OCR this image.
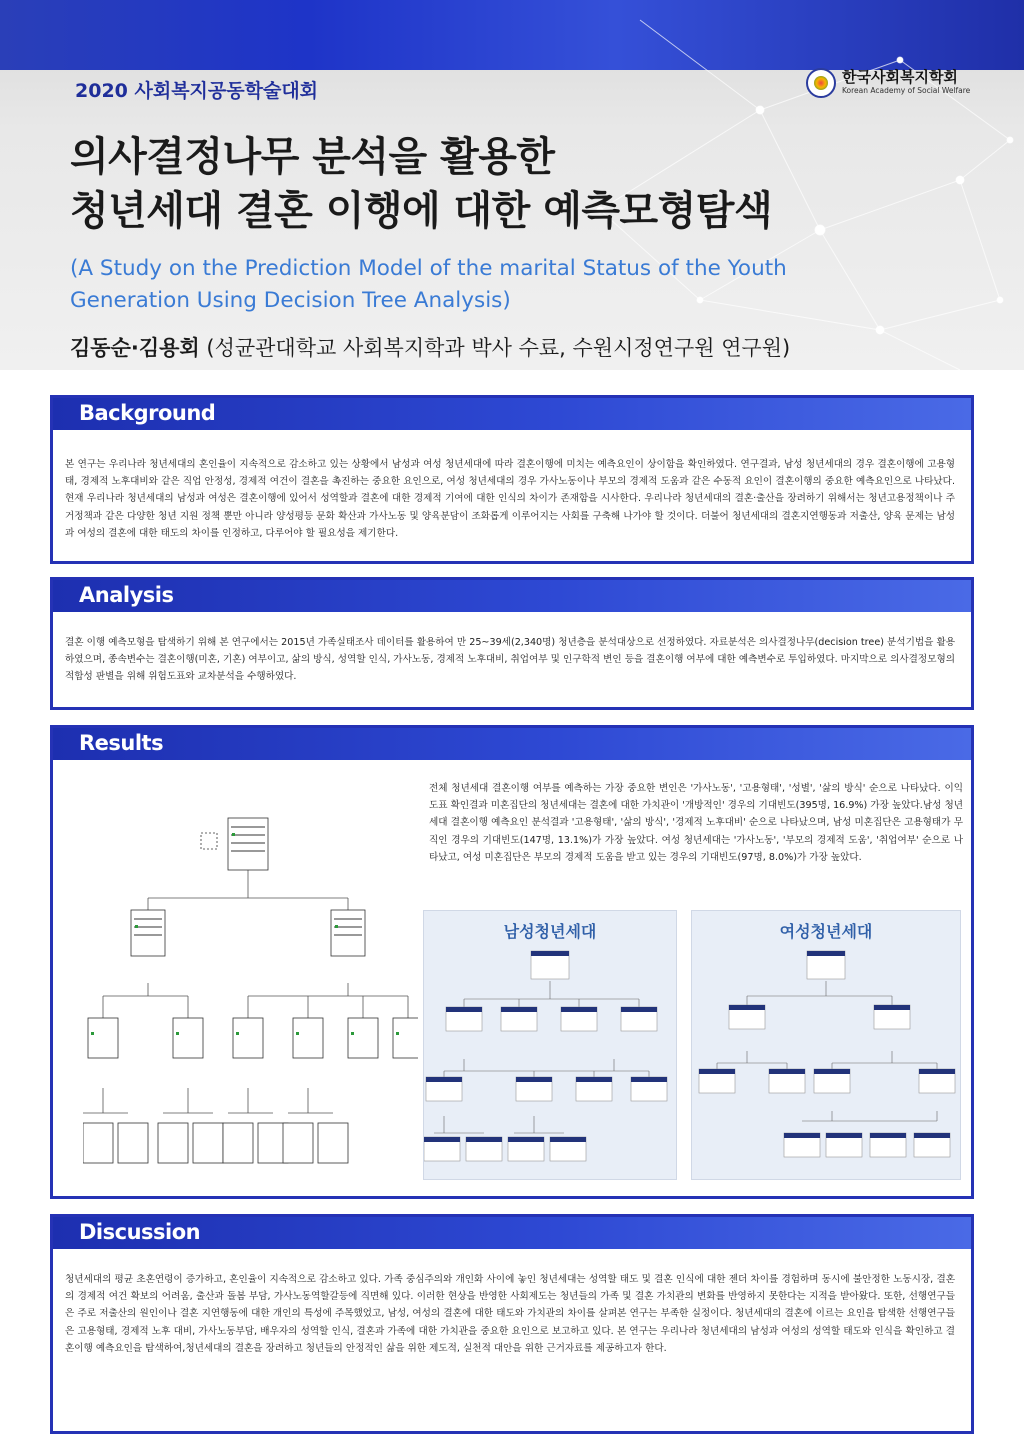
2020 사회복지공동학술대회
한국사회복지학회
Korean Academy of Social Welfare
의사결정나무 분석을 활용한
청년세대 결혼 이행에 대한 예측모형탐색
(A Study on the Prediction Model of the marital Status of the Youth
Generation Using Decision Tree Analysis)
김동순·김용회 (성균관대학교 사회복지학과 박사 수료, 수원시정연구원 연구원)
Background
본 연구는 우리나라 청년세대의 혼인율이 지속적으로 감소하고 있는 상황에서 남성과 여성 청년세대에 따라 결혼이행에 미치는 예측요인이 상이함을 확인하였다. 연구결과, 남성 청년세대의 경우 결혼이행에 고용형태, 경제적 노후대비와 같은 직업 안정성, 경제적 여건이 결혼을 촉진하는 중요한 요인으로, 여성 청년세대의 경우 가사노동이나 부모의 경제적 도움과 같은 수동적 요인이 결혼이행의 중요한 예측요인으로 나타났다. 현재 우리나라 청년세대의 남성과 여성은 결혼이행에 있어서 성역할과 결혼에 대한 경제적 기여에 대한 인식의 차이가 존재함을 시사한다. 우리나라 청년세대의 결혼·출산을 장려하기 위해서는 청년고용정책이나 주거정책과 같은 다양한 청년 지원 정책 뿐만 아니라 양성평등 문화 확산과 가사노동 및 양육분담이 조화롭게 이루어지는 사회를 구축해 나가야 할 것이다. 더불어 청년세대의 결혼지연행동과 저출산, 양육 문제는 남성과 여성의 결혼에 대한 태도의 차이를 인정하고, 다루어야 할 필요성을 제기한다.
Analysis
결혼 이행 예측모형을 탐색하기 위해 본 연구에서는 2015년 가족실태조사 데이터를 활용하여 만 25~39세(2,340명) 청년층을 분석대상으로 선정하였다. 자료분석은 의사결정나무(decision tree) 분석기법을 활용하였으며, 종속변수는 결혼이행(미혼, 기혼) 여부이고, 삶의 방식, 성역할 인식, 가사노동, 경제적 노후대비, 취업여부 및 인구학적 변인 등을 결혼이행 여부에 대한 예측변수로 투입하였다. 마지막으로 의사결정모형의 적합성 판별을 위해 위험도표와 교차분석을 수행하였다.
Results
전체 청년세대 결혼이행 여부를 예측하는 가장 중요한 변인은 '가사노동', '고용형태', '성별', '삶의 방식' 순으로 나타났다. 이익 도표 확인결과 미혼집단의 청년세대는 결혼에 대한 가치관이 '개방적인' 경우의 기대빈도(395명, 16.9%) 가장 높았다.남성 청년세대 결혼이행 예측요인 분석결과 '고용형태', '삶의 방식', '경제적 노후대비' 순으로 나타났으며, 남성 미혼집단은 고용형태가 무직인 경우의 기대빈도(147명, 13.1%)가 가장 높았다. 여성 청년세대는 '가사노동', '부모의 경제적 도움', '취업여부' 순으로 나타났고, 여성 미혼집단은 부모의 경제적 도움을 받고 있는 경우의 기대빈도(97명, 8.0%)가 가장 높았다.
남성청년세대	여성청년세대
Discussion
청년세대의 평균 초혼연령이 증가하고, 혼인율이 지속적으로 감소하고 있다. 가족 중심주의와 개인화 사이에 놓인 청년세대는 성역할 태도 및 결혼 인식에 대한 젠더 차이를 경험하며 동시에 불안정한 노동시장, 결혼의 경제적 여건 확보의 어려움, 출산과 돌봄 부담, 가사노동역할갈등에 직면해 있다. 이러한 현상을 반영한 사회제도는 청년들의 가족 및 결혼 가치관의 변화를 반영하지 못한다는 지적을 받아왔다. 또한, 선행연구들은 주로 저출산의 원인이나 결혼 지연행동에 대한 개인의 특성에 주목했었고, 남성, 여성의 결혼에 대한 태도와 가치관의 차이를 살펴본 연구는 부족한 실정이다. 청년세대의 결혼에 이르는 요인을 탐색한 선행연구들은 고용형태, 경제적 노후 대비, 가사노동부담, 배우자의 성역할 인식, 결혼과 가족에 대한 가치관을 중요한 요인으로 보고하고 있다. 본 연구는 우리나라 청년세대의 남성과 여성의 성역할 태도와 인식을 확인하고 결혼이행 예측요인을 탐색하여,청년세대의 결혼을 장려하고 청년들의 안정적인 삶을 위한 제도적, 실천적 대안을 위한 근거자료를 제공하고자 한다.
